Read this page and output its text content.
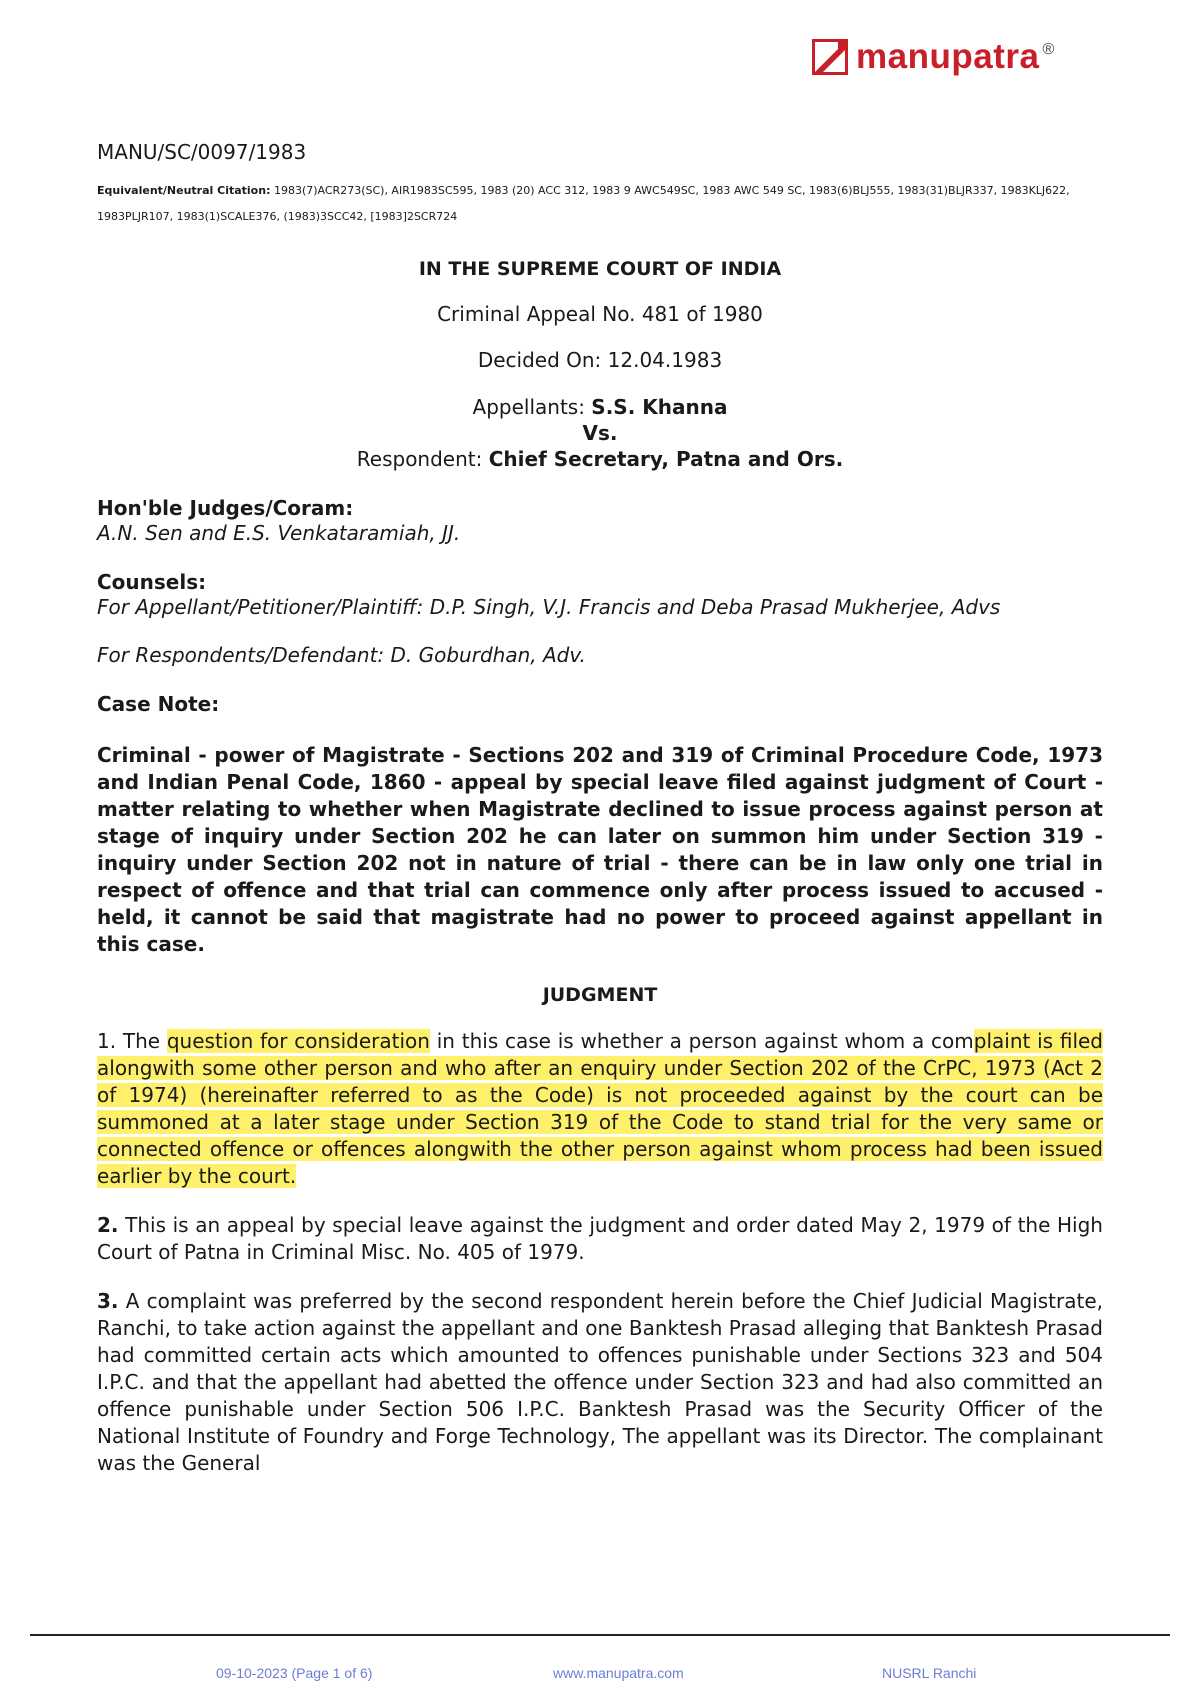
manupatra ®

MANU/SC/0097/1983

Equivalent/Neutral Citation: 1983(7)ACR273(SC), AIR1983SC595, 1983 (20) ACC 312, 1983 9 AWC549SC, 1983 AWC 549 SC, 1983(6)BLJ555, 1983(31)BLJR337, 1983KLJ622, 1983PLJR107, 1983(1)SCALE376, (1983)3SCC42, [1983]2SCR724

IN THE SUPREME COURT OF INDIA

Criminal Appeal No. 481 of 1980

Decided On: 12.04.1983

Appellants: S.S. Khanna

Vs.

Respondent: Chief Secretary, Patna and Ors.

Hon'ble Judges/Coram:

A.N. Sen and E.S. Venkataramiah, JJ.

Counsels:

For Appellant/Petitioner/Plaintiff: D.P. Singh, V.J. Francis and Deba Prasad Mukherjee, Advs

For Respondents/Defendant: D. Goburdhan, Adv.

Case Note:

Criminal - power of Magistrate - Sections 202 and 319 of Criminal Procedure Code, 1973 and Indian Penal Code, 1860 - appeal by special leave filed against judgment of Court - matter relating to whether when Magistrate declined to issue process against person at stage of inquiry under Section 202 he can later on summon him under Section 319 - inquiry under Section 202 not in nature of trial - there can be in law only one trial in respect of offence and that trial can commence only after process issued to accused - held, it cannot be said that magistrate had no power to proceed against appellant in this case.

JUDGMENT

1. The question for consideration in this case is whether a person against whom a complaint is filed alongwith some other person and who after an enquiry under Section 202 of the CrPC, 1973 (Act 2 of 1974) (hereinafter referred to as the Code) is not proceeded against by the court can be summoned at a later stage under Section 319 of the Code to stand trial for the very same or connected offence or offences alongwith the other person against whom process had been issued earlier by the court.

2. This is an appeal by special leave against the judgment and order dated May 2, 1979 of the High Court of Patna in Criminal Misc. No. 405 of 1979.

3. A complaint was preferred by the second respondent herein before the Chief Judicial Magistrate, Ranchi, to take action against the appellant and one Banktesh Prasad alleging that Banktesh Prasad had committed certain acts which amounted to offences punishable under Sections 323 and 504 I.P.C. and that the appellant had abetted the offence under Section 323 and had also committed an offence punishable under Section 506 I.P.C. Banktesh Prasad was the Security Officer of the National Institute of Foundry and Forge Technology, The appellant was its Director. The complainant was the General

09-10-2023 (Page 1 of 6)	www.manupatra.com	NUSRL Ranchi
